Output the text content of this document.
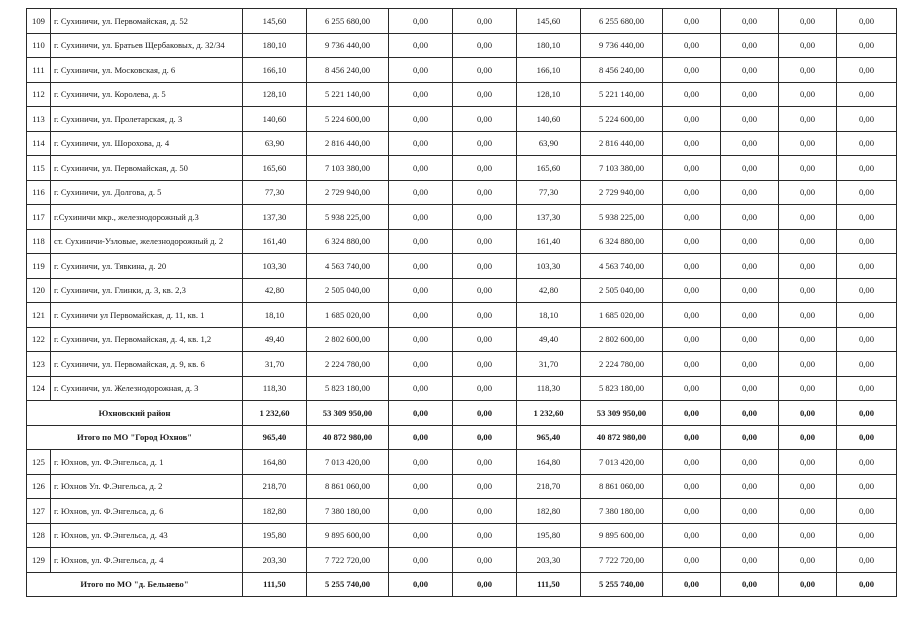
109	г. Сухиничи, ул. Первомайская, д. 52	145,60	6 255 680,00	0,00	0,00	145,60	6 255 680,00	0,00	0,00	0,00	0,00
110	г. Сухиничи, ул. Братьев Щербаковых, д. 32/34	180,10	9 736 440,00	0,00	0,00	180,10	9 736 440,00	0,00	0,00	0,00	0,00
111	г. Сухиничи, ул. Московская, д. 6	166,10	8 456 240,00	0,00	0,00	166,10	8 456 240,00	0,00	0,00	0,00	0,00
112	г. Сухиничи, ул. Королева, д. 5	128,10	5 221 140,00	0,00	0,00	128,10	5 221 140,00	0,00	0,00	0,00	0,00
113	г. Сухиничи, ул. Пролетарская, д. 3	140,60	5 224 600,00	0,00	0,00	140,60	5 224 600,00	0,00	0,00	0,00	0,00
114	г. Сухиничи, ул. Шорохова, д. 4	63,90	2 816 440,00	0,00	0,00	63,90	2 816 440,00	0,00	0,00	0,00	0,00
115	г. Сухиничи, ул. Первомайская, д. 50	165,60	7 103 380,00	0,00	0,00	165,60	7 103 380,00	0,00	0,00	0,00	0,00
116	г. Сухиничи, ул. Долгова, д. 5	77,30	2 729 940,00	0,00	0,00	77,30	2 729 940,00	0,00	0,00	0,00	0,00
117	г.Сухиничи мкр., железнодорожный д.3	137,30	5 938 225,00	0,00	0,00	137,30	5 938 225,00	0,00	0,00	0,00	0,00
118	ст. Сухиничи-Узловые, железнодорожный д. 2	161,40	6 324 880,00	0,00	0,00	161,40	6 324 880,00	0,00	0,00	0,00	0,00
119	г. Сухиничи, ул. Тявкина, д. 20	103,30	4 563 740,00	0,00	0,00	103,30	4 563 740,00	0,00	0,00	0,00	0,00
120	г. Сухиничи, ул. Глинки, д. 3, кв. 2,3	42,80	2 505 040,00	0,00	0,00	42,80	2 505 040,00	0,00	0,00	0,00	0,00
121	г. Сухиничи ул Первомайская, д. 11, кв. 1	18,10	1 685 020,00	0,00	0,00	18,10	1 685 020,00	0,00	0,00	0,00	0,00
122	г. Сухиничи, ул. Первомайская, д. 4, кв. 1,2	49,40	2 802 600,00	0,00	0,00	49,40	2 802 600,00	0,00	0,00	0,00	0,00
123	г. Сухиничи, ул. Первомайская, д. 9, кв. 6	31,70	2 224 780,00	0,00	0,00	31,70	2 224 780,00	0,00	0,00	0,00	0,00
124	г. Сухиничи, ул. Железнодорожная, д. 3	118,30	5 823 180,00	0,00	0,00	118,30	5 823 180,00	0,00	0,00	0,00	0,00
Юхновский район		1 232,60	53 309 950,00	0,00	0,00	1 232,60	53 309 950,00	0,00	0,00	0,00	0,00
Итого по МО "Город Юхнов"		965,40	40 872 980,00	0,00	0,00	965,40	40 872 980,00	0,00	0,00	0,00	0,00
125	г. Юхнов, ул. Ф.Энгельса, д. 1	164,80	7 013 420,00	0,00	0,00	164,80	7 013 420,00	0,00	0,00	0,00	0,00
126	г. Юхнов Ул. Ф.Энгельса, д. 2	218,70	8 861 060,00	0,00	0,00	218,70	8 861 060,00	0,00	0,00	0,00	0,00
127	г. Юхнов, ул. Ф.Энгельса, д. 6	182,80	7 380 180,00	0,00	0,00	182,80	7 380 180,00	0,00	0,00	0,00	0,00
128	г. Юхнов, ул. Ф.Энгельса, д. 43	195,80	9 895 600,00	0,00	0,00	195,80	9 895 600,00	0,00	0,00	0,00	0,00
129	г. Юхнов, ул. Ф.Энгельса, д. 4	203,30	7 722 720,00	0,00	0,00	203,30	7 722 720,00	0,00	0,00	0,00	0,00
Итого по МО "д. Бельнево"		111,50	5 255 740,00	0,00	0,00	111,50	5 255 740,00	0,00	0,00	0,00	0,00
